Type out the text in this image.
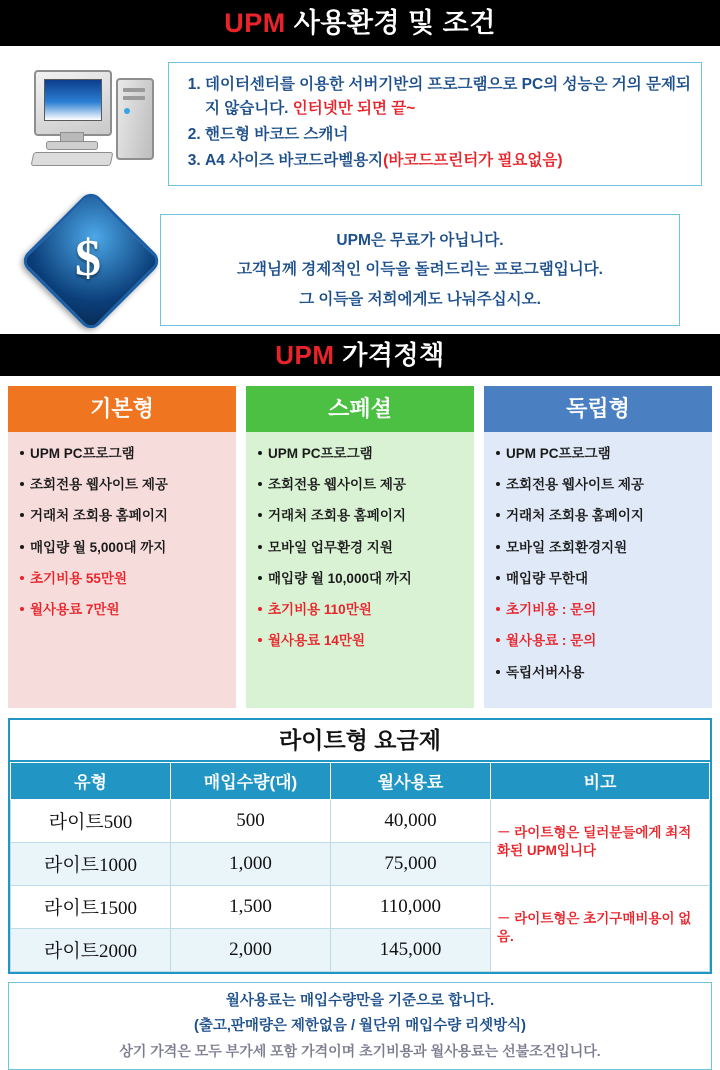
UPM 사용환경 및 조건
1. 데이터센터를 이용한 서버기반의 프로그램으로 PC의 성능은 거의 문제되지 않습니다. 인터넷만 되면 끝~
2. 핸드형 바코드 스캐너
3. A4 사이즈 바코드라벨용지(바코드프린터가 필요없음)
$	UPM은 무료가 아닙니다.

고객님께 경제적인 이득을 돌려드리는 프로그램입니다.

그 이득을 저희에게도 나눠주십시오.

UPM 가격정책
기본형
UPM PC프로그램
조회전용 웹사이트 제공
거래처 조회용 홈페이지
매입량 월 5,000대 까지
초기비용 55만원
월사용료 7만원
스페셜
UPM PC프로그램
조회전용 웹사이트 제공
거래처 조회용 홈페이지
모바일 업무환경 지원
매입량 월 10,000대 까지
초기비용 110만원
월사용료 14만원
독립형
UPM PC프로그램
조회전용 웹사이트 제공
거래처 조회용 홈페이지
모바일 조회환경지원
매입량 무한대
초기비용 : 문의
월사용료 : 문의
독립서버사용
라이트형 요금제
유형	매입수량(대)	월사용료	비고
라이트500	500	40,000	－ 라이트형은 딜러분들에게 최적화된 UPM입니다
라이트1000	1,000	75,000	
라이트1500	1,500	110,000	－ 라이트형은 초기구매비용이 없음.
라이트2000	2,000	145,000	

월사용료는 매입수량만을 기준으로 합니다.

(출고,판매량은 제한없음 / 월단위 매입수량 리셋방식)

상기 가격은 모두 부가세 포함 가격이며 초기비용과 월사용료는 선불조건입니다.
